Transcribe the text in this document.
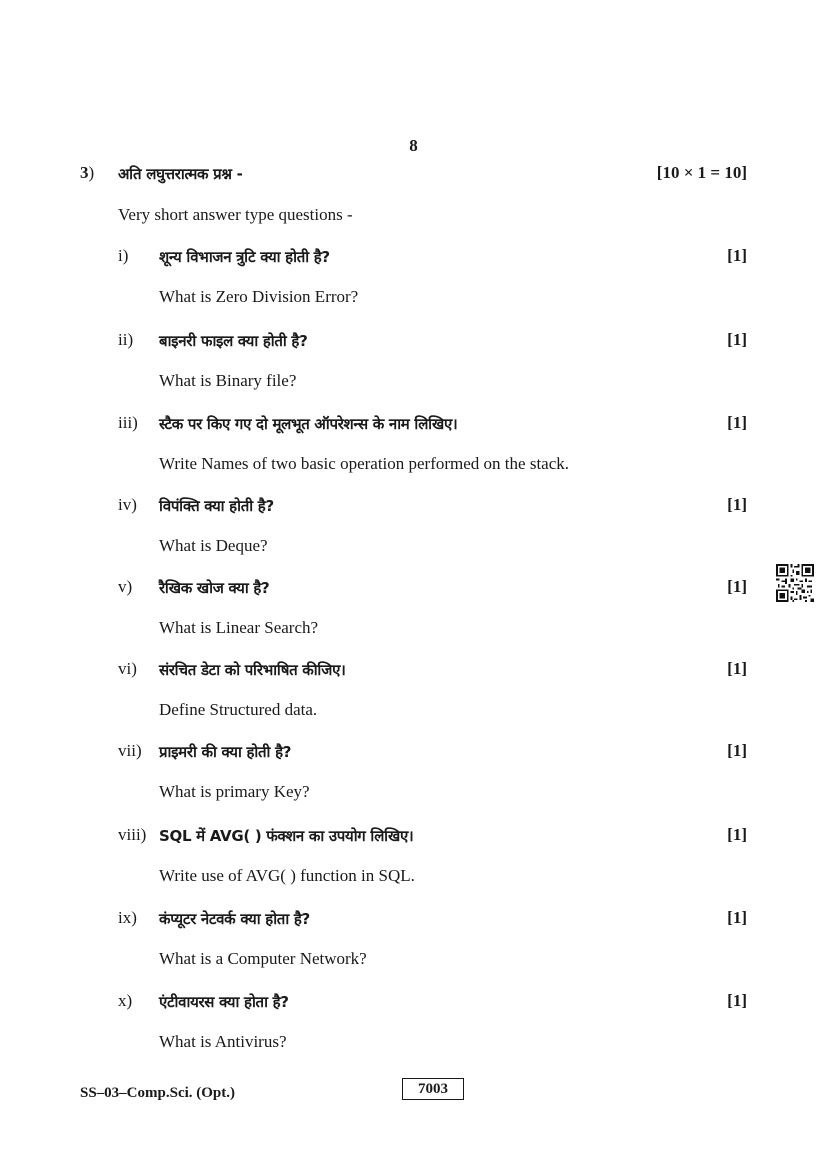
8
3) अति लघुत्तरात्मक प्रश्न -	[10 × 1 = 10]
Very short answer type questions -
i) शून्य विभाजन त्रुटि क्या होती है?	[1]
What is Zero Division Error?
ii) बाइनरी फाइल क्या होती है?	[1]
What is Binary file?
iii) स्टैक पर किए गए दो मूलभूत ऑपरेशन्स के नाम लिखिए।	[1]
Write Names of two basic operation performed on the stack.
iv) विपंक्ति क्या होती है?	[1]
What is Deque?
v) रैखिक खोज क्या है?	[1]
What is Linear Search?
vi) संरचित डेटा को परिभाषित कीजिए।	[1]
Define Structured data.
vii) प्राइमरी की क्या होती है?	[1]
What is primary Key?
viii) SQL में AVG( ) फंक्शन का उपयोग लिखिए।	[1]
Write use of AVG( ) function in SQL.
ix) कंप्यूटर नेटवर्क क्या होता है?	[1]
What is a Computer Network?
x) एंटीवायरस क्या होता है?	[1]
What is Antivirus?
SS–03–Comp.Sci. (Opt.)	7003
